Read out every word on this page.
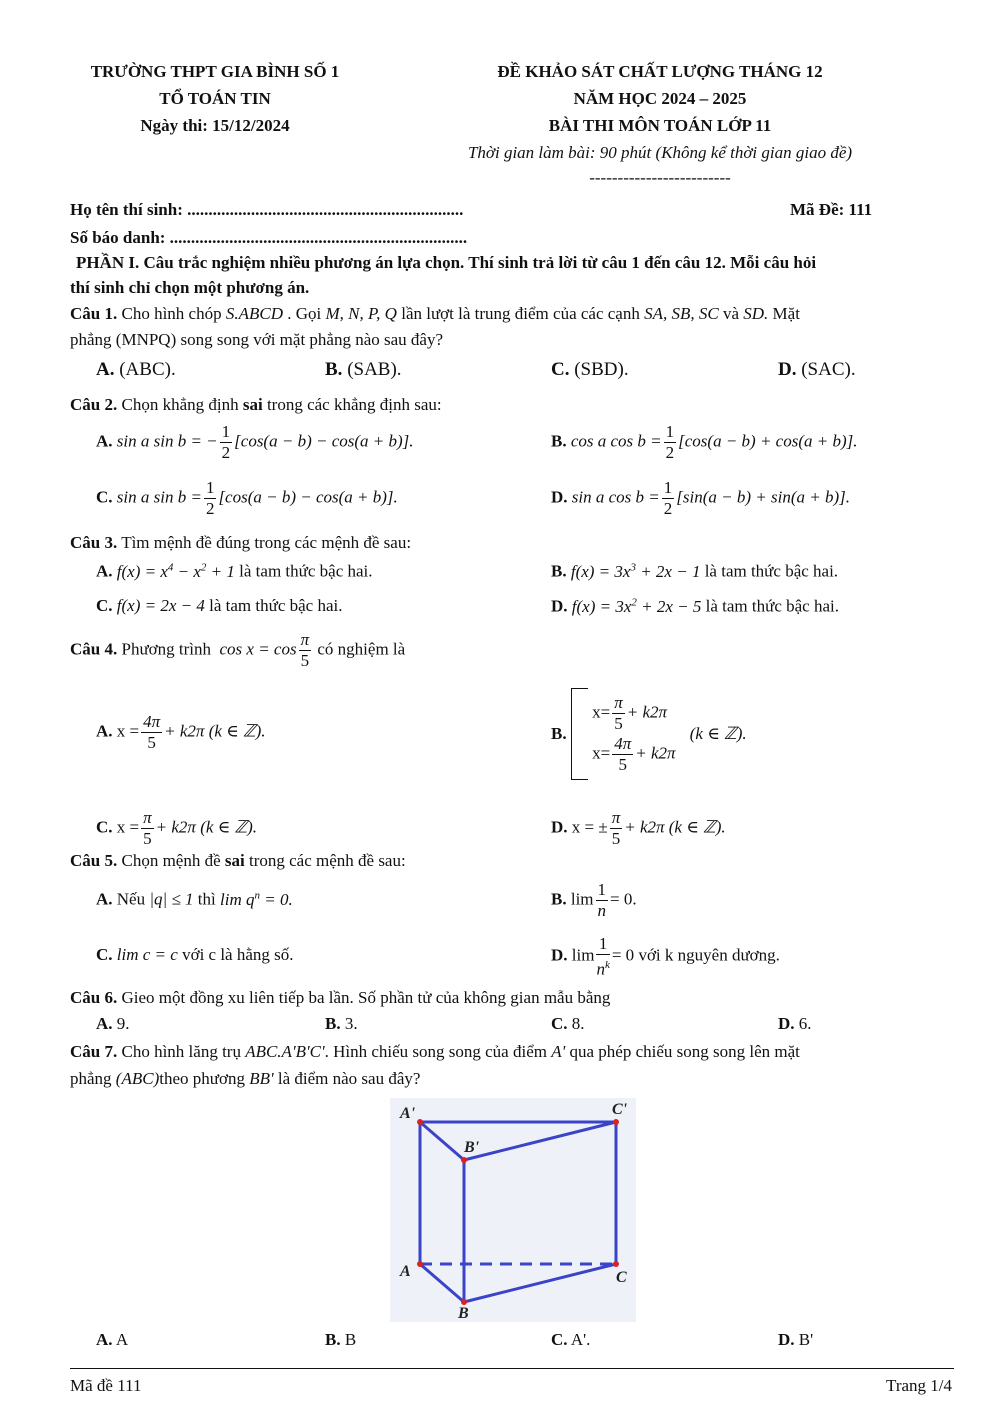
TRƯỜNG THPT GIA BÌNH SỐ 1
TỔ TOÁN TIN
Ngày thi: 15/12/2024
ĐỀ KHẢO SÁT CHẤT LƯỢNG THÁNG 12
NĂM HỌC 2024 – 2025
BÀI THI MÔN TOÁN LỚP 11
Thời gian làm bài: 90 phút (Không kể thời gian giao đề)
-------------------------
Họ tên thí sinh: .................................................................	Mã Đề: 111
Số báo danh: ......................................................................
PHẦN I. Câu trắc nghiệm nhiều phương án lựa chọn. Thí sinh trả lời từ câu 1 đến câu 12. Mỗi câu hỏi
thí sinh chỉ chọn một phương án.
Câu 1. Cho hình chóp S.ABCD . Gọi M, N, P, Q lần lượt là trung điểm của các cạnh SA, SB, SC và SD. Mặt
phẳng (MNPQ) song song với mặt phẳng nào sau đây?
A. (ABC).	B. (SAB).	C. (SBD).	D. (SAC).
Câu 2. Chọn khẳng định sai trong các khẳng định sau:
A. sin a sin b = − $\frac{1}{2} [\cos(a - b) - \cos(a + b)]$.	B. cos a $\cos b = \frac{1}{2} [\cos(a - b) + \cos(a + b)]$.
C. sin a $\sin b = \frac{1}{2} [\cos(a - b) - \cos(a + b)]$.	D. sin a $\cos b = \frac{1}{2} [\sin(a - b) + \sin(a + b)]$.
Câu 3. Tìm mệnh đề đúng trong các mệnh đề sau:
A. $f(x) = x^4 - x^2 + 1$ là tam thức bậc hai.	B. $f(x) = 3x^3 + 2x - 1$ là tam thức bậc hai.
C. f(x) = 2x − 4 là tam thức bậc hai.	D. $f(x) = 3x^2 + 2x - 5$ là tam thức bậc hai.
Câu 4. Phương trình $\cos x = \cos \frac{\pi}{5}$ có nghiệm là
A. $x = \frac{4\pi}{5} + k2\pi$ (k ∈ ℤ).	B.
$x= \frac{\pi}{5} + k2\pi$
$x= \frac{4\pi}{5} + k2\pi$
(k ∈ ℤ).
C. $x = \frac{\pi}{5} + k2\pi$ (k ∈ ℤ).	D. x = ± $\frac{\pi}{5} + k2\pi$ (k ∈ ℤ).
Câu 5. Chọn mệnh đề sai trong các mệnh đề sau:
A. Nếu |q| ≤ 1 thì $\lim q^n = 0$.	B. $\lim \frac{1}{n} = 0$.
C. lim c = c với c là hằng số.	D. $\lim \frac{1}{n^k} = 0$ với k nguyên dương.
Câu 6. Gieo một đồng xu liên tiếp ba lần. Số phần tử của không gian mẫu bằng
A. 9.	B. 3.	C. 8.	D. 6.
Câu 7. Cho hình lăng trụ ABC.A'B'C'. Hình chiếu song song của điểm A' qua phép chiếu song song lên mặt
phẳng (ABC)theo phương BB' là điểm nào sau đây?
A'	C'
B'
A	C
B
A. A	B. B	C. A'.	D. B'
Mã đề 111	Trang 1/4
